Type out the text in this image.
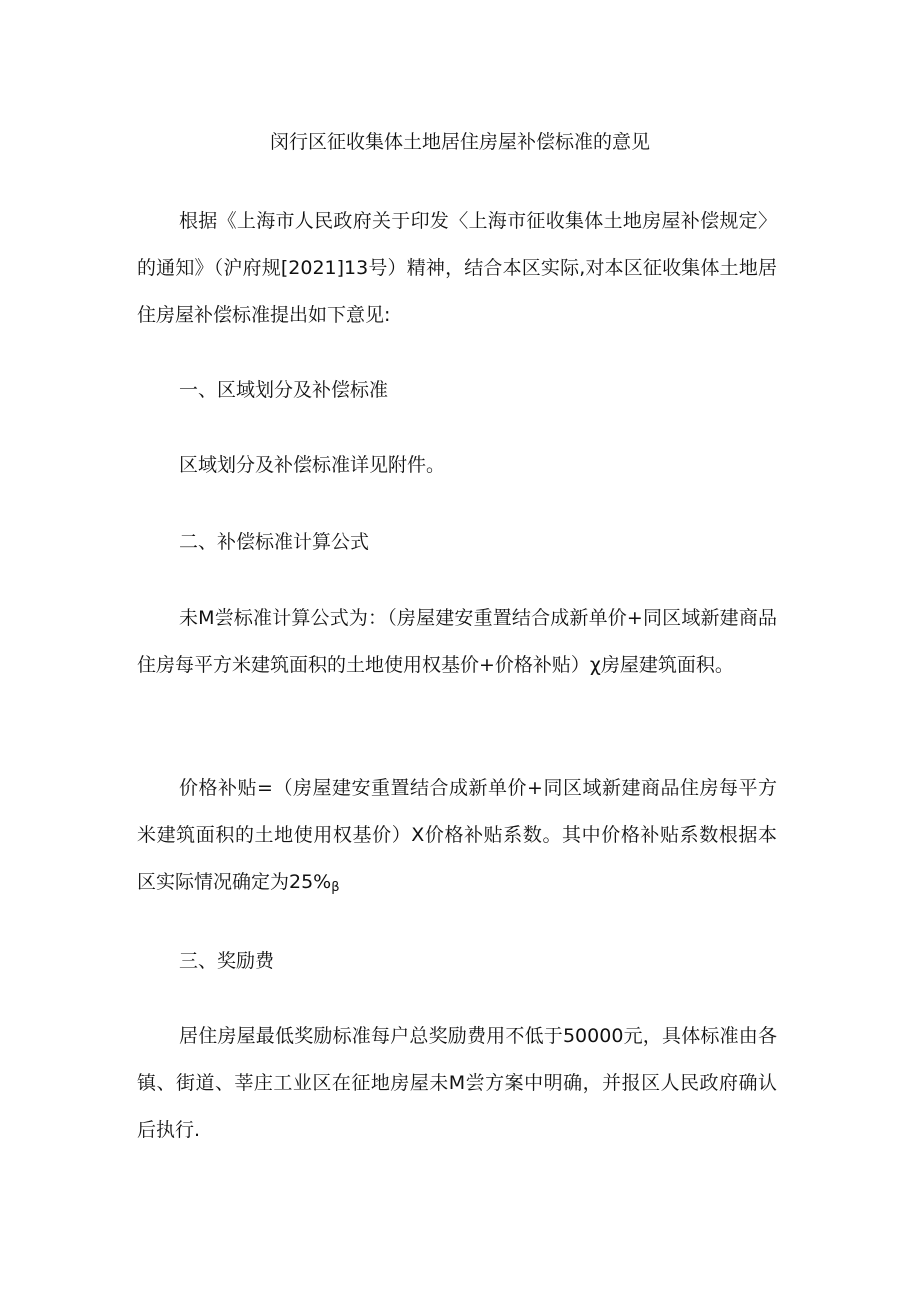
闵行区征收集体土地居住房屋补偿标准的意见

根据《上海市人民政府关于印发〈上海市征收集体土地房屋补偿规定〉的通知》（沪府规[2021]13号）精神，结合本区实际,对本区征收集体土地居住房屋补偿标准提出如下意见:

一、区域划分及补偿标准

区域划分及补偿标准详见附件。

二、补偿标准计算公式

未M尝标准计算公式为：（房屋建安重置结合成新单价+同区域新建商品住房每平方米建筑面积的土地使用权基价+价格补贴）χ房屋建筑面积。

价格补贴=（房屋建安重置结合成新单价+同区域新建商品住房每平方米建筑面积的土地使用权基价）X价格补贴系数。其中价格补贴系数根据本区实际情况确定为$25\%_\beta$

三、奖励费

居住房屋最低奖励标准每户总奖励费用不低于50000元，具体标准由各镇、街道、莘庄工业区在征地房屋未M尝方案中明确，并报区人民政府确认后执行.
